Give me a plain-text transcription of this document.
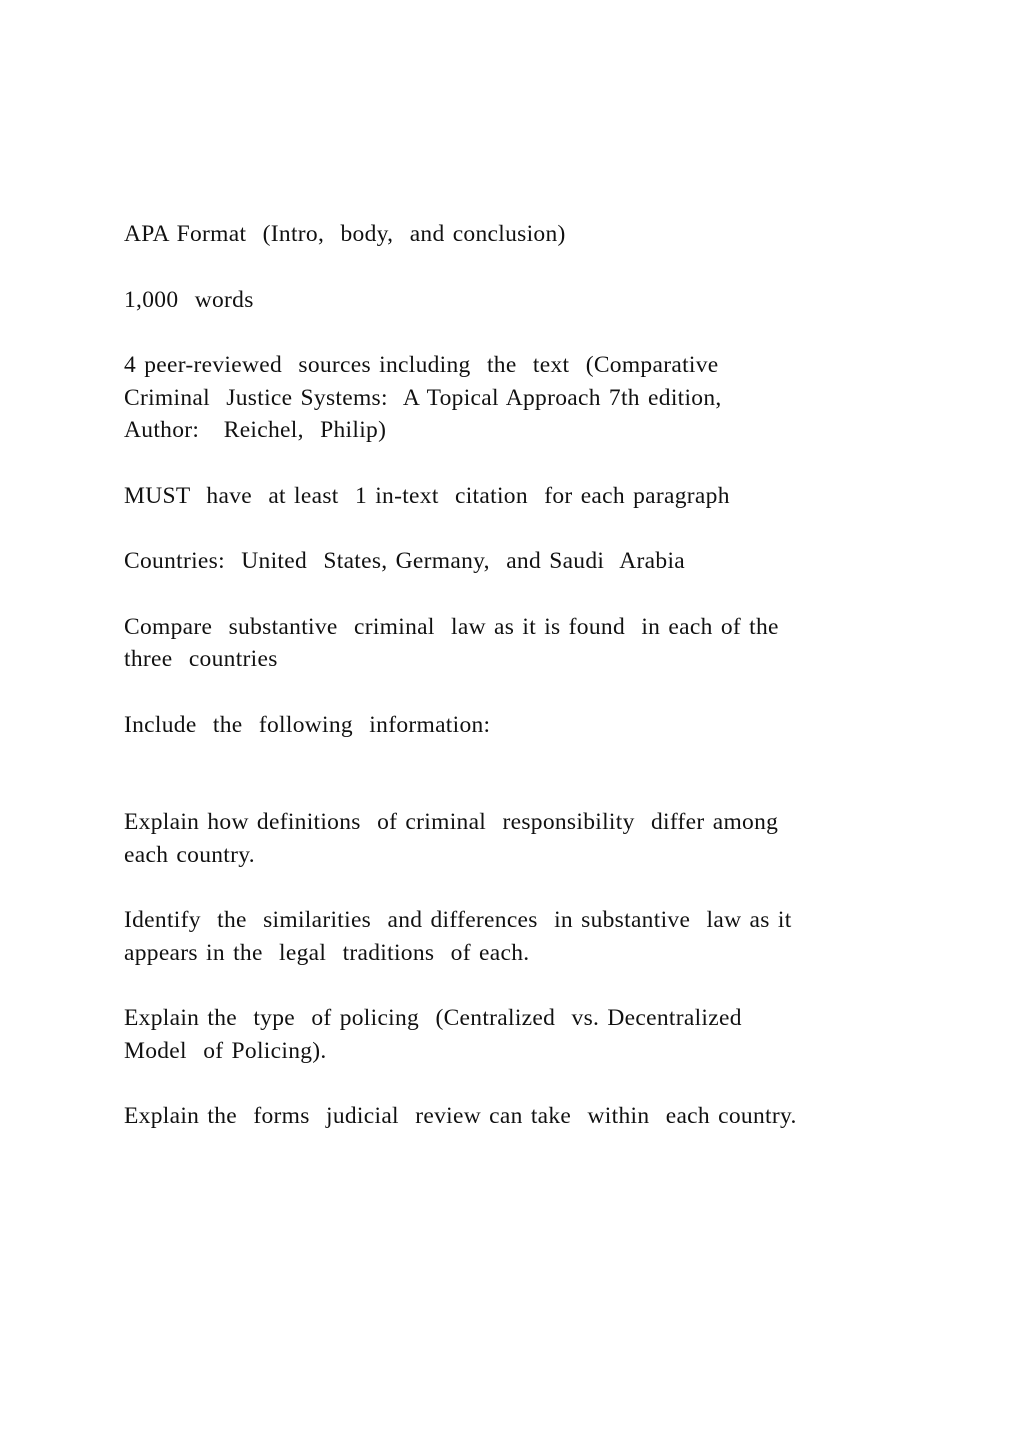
APA Format  (Intro,  body,  and conclusion)

1,000  words

4 peer-reviewed  sources including  the  text  (Comparative
Criminal  Justice Systems:  A Topical Approach 7th edition,
Author:   Reichel,  Philip)

MUST  have  at least  1 in-text  citation  for each paragraph

Countries:  United  States, Germany,  and Saudi  Arabia

Compare  substantive  criminal  law as it is found  in each of the
three  countries

Include  the  following  information:

Explain how definitions  of criminal  responsibility  differ among
each country.

Identify  the  similarities  and differences  in substantive  law as it
appears in the  legal  traditions  of each.

Explain the  type  of policing  (Centralized  vs. Decentralized
Model  of Policing).

Explain the  forms  judicial  review can take  within  each country.
